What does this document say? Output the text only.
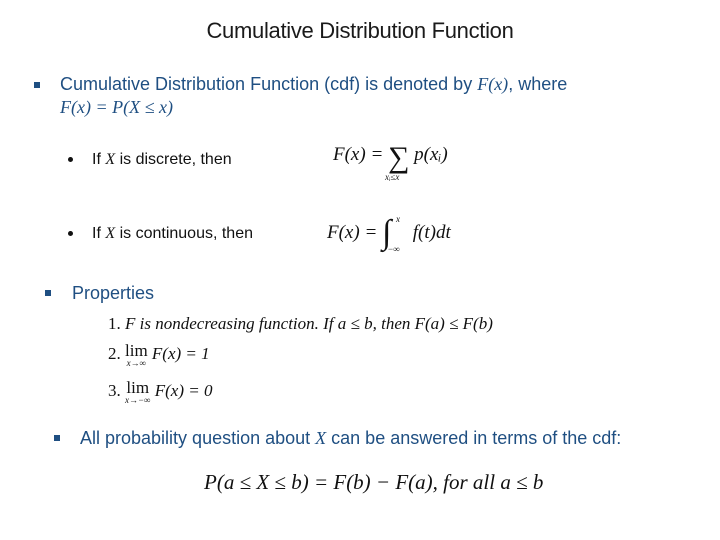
Cumulative Distribution Function
Cumulative Distribution Function (cdf) is denoted by F(x), where
F(x) = P(X ≤ x)
If X is discrete, then	F(x) = ∑
xᵢ≤x
p(xᵢ)
If X is continuous, then	F(x) = ∫ x
−∞
f(t)dt
Properties
1. F is nondecreasing function. If a ≤ b, then F(a) ≤ F(b)
2. lim
x→∞ F(x) = 1
3. lim
x→−∞ F(x) = 0
All probability question about X can be answered in terms of the cdf:
P(a ≤ X ≤ b) = F(b) − F(a), for all a ≤ b
